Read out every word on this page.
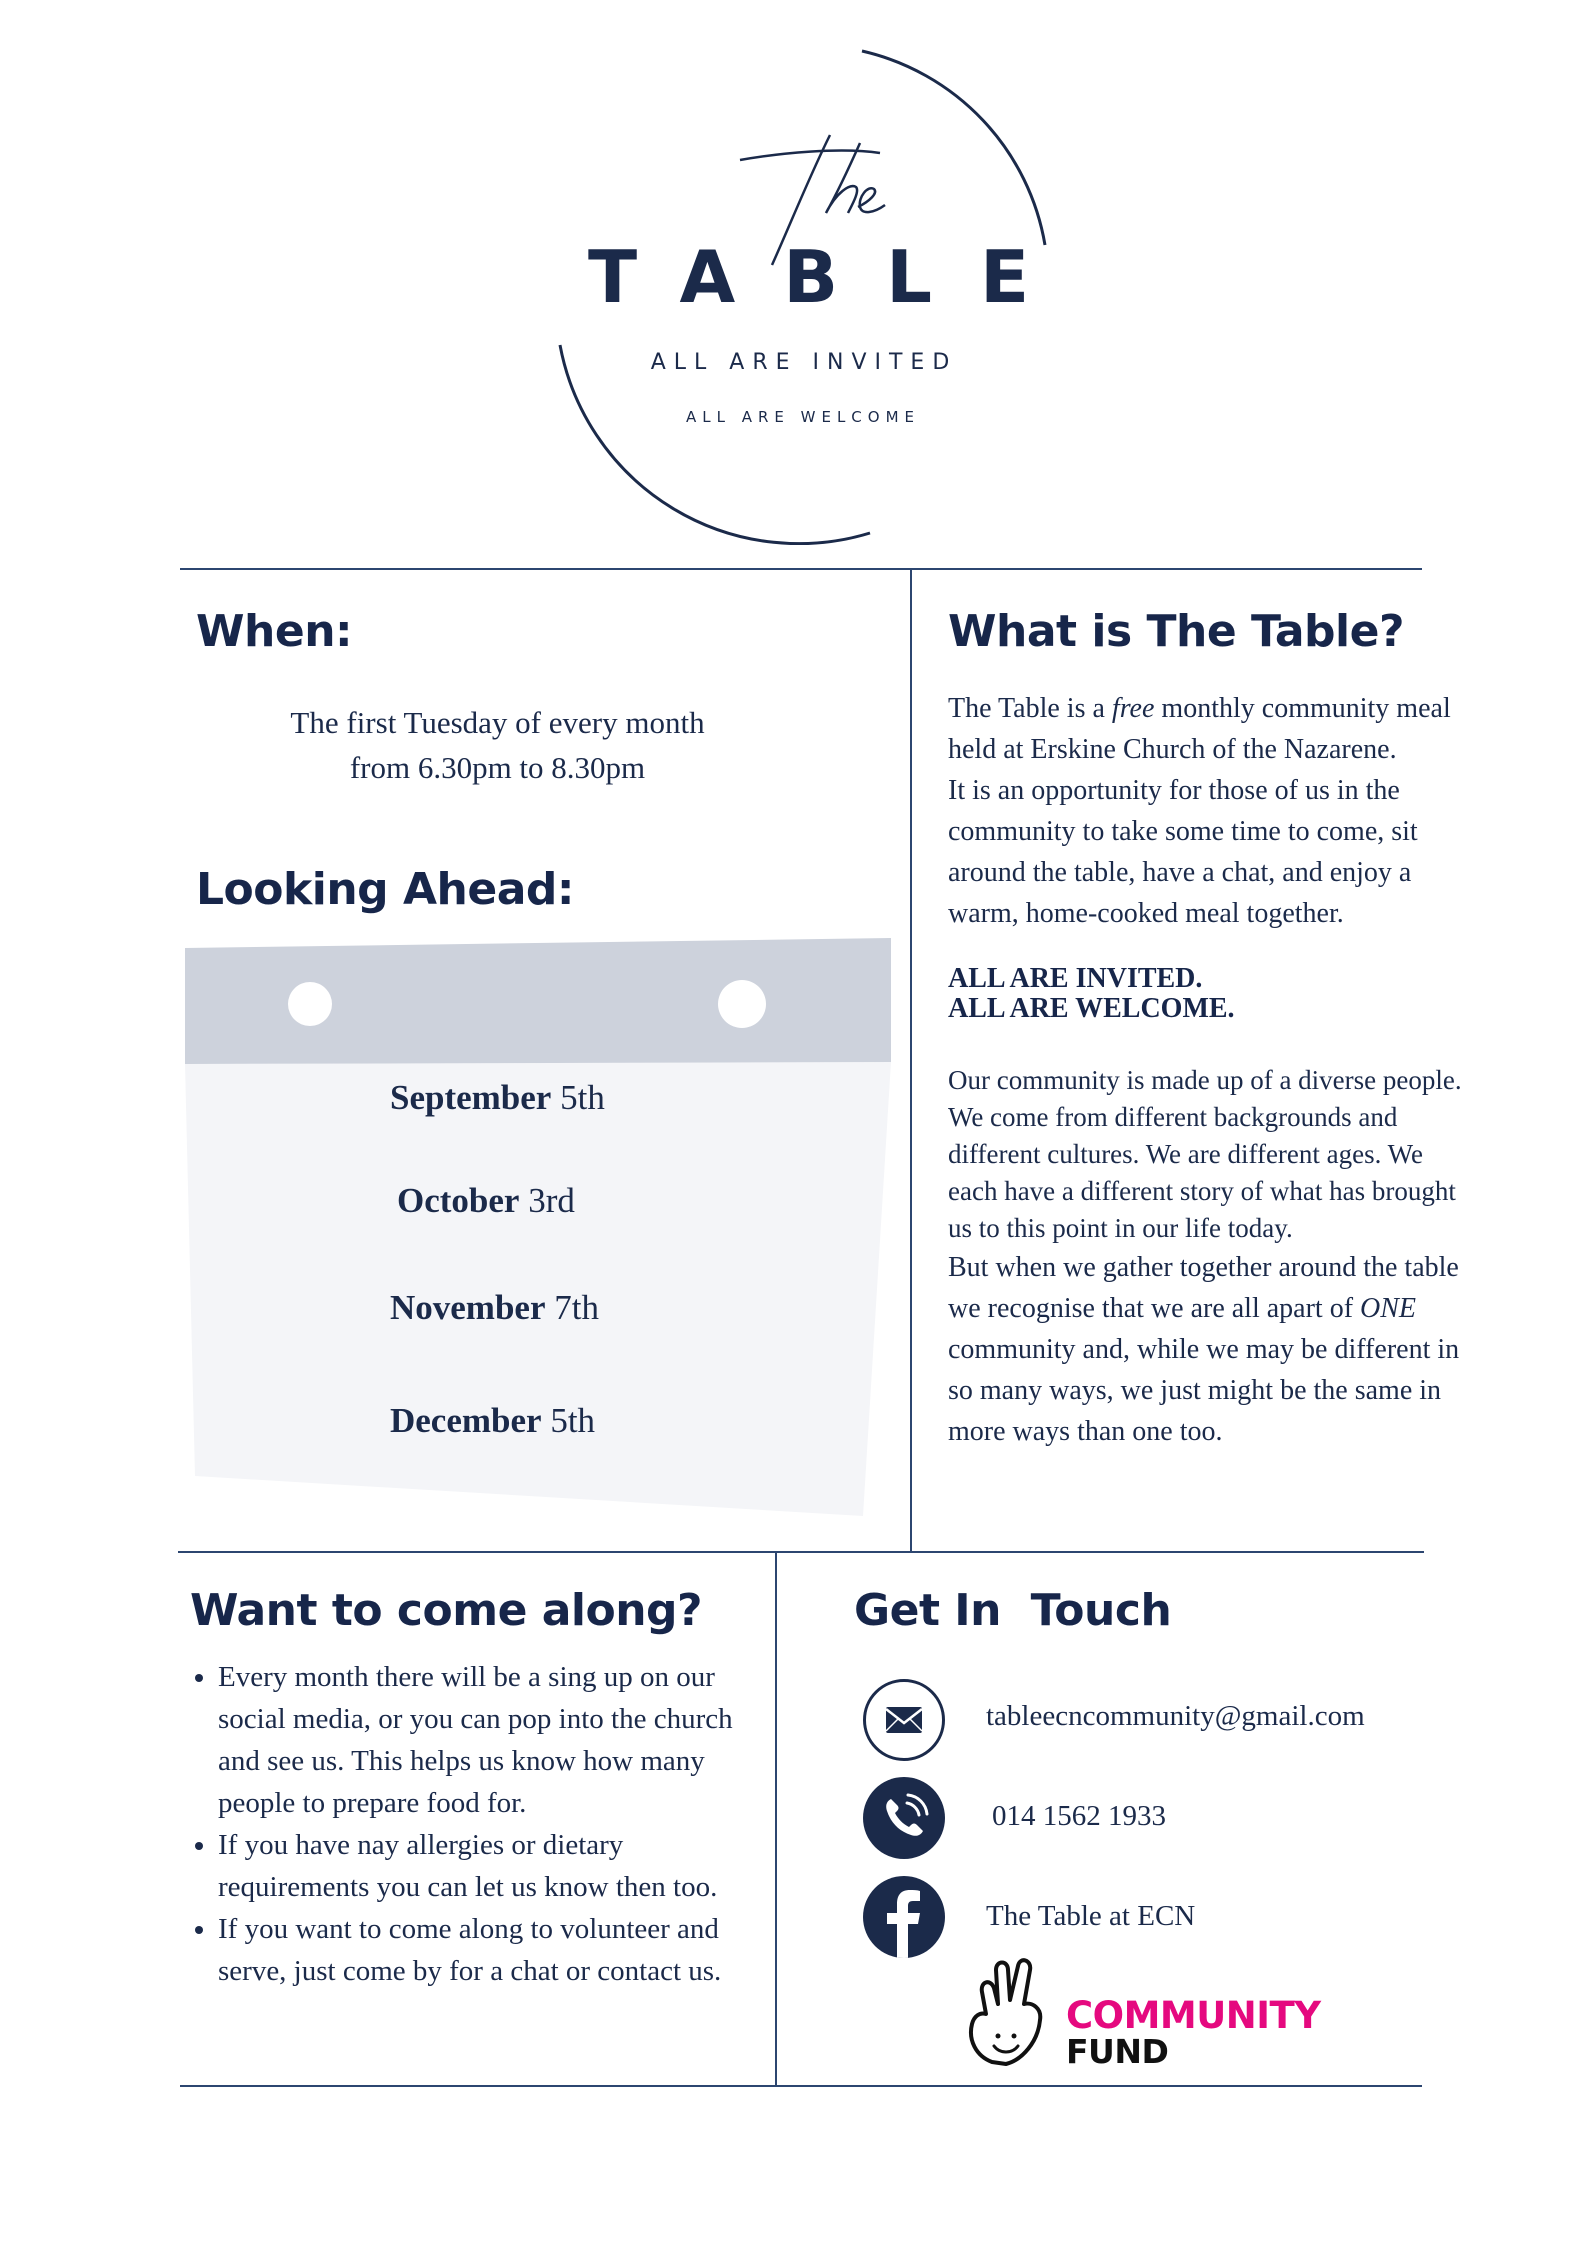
TABLE
ALL ARE INVITED
ALL ARE WELCOME
When:
The first Tuesday of every month
from 6.30pm to 8.30pm
Looking Ahead:
September 5th
October 3rd
November 7th
December 5th
What is The Table?
The Table is a free monthly community meal held at Erskine Church of the Nazarene.
It is an opportunity for those of us in the community to take some time to come, sit around the table, have a chat, and enjoy a warm, home-cooked meal together.
ALL ARE INVITED.
ALL ARE WELCOME.
Our community is made up of a diverse people. We come from different backgrounds and different cultures. We are different ages. We each have a different story of what has brought us to this point in our life today.
But when we gather together around the table we recognise that we are all apart of ONE community and, while we may be different in so many ways, we just might be the same in more ways than one too.
Want to come along?
• Every month there will be a sing up on our social media, or you can pop into the church and see us. This helps us know how many people to prepare food for.
• If you have nay allergies or dietary requirements you can let us know then too.
• If you want to come along to volunteer and serve, just come by for a chat or contact us.
Get In  Touch
tableecncommunity@gmail.com
014 1562 1933
The Table at ECN
COMMUNITY
FUND
